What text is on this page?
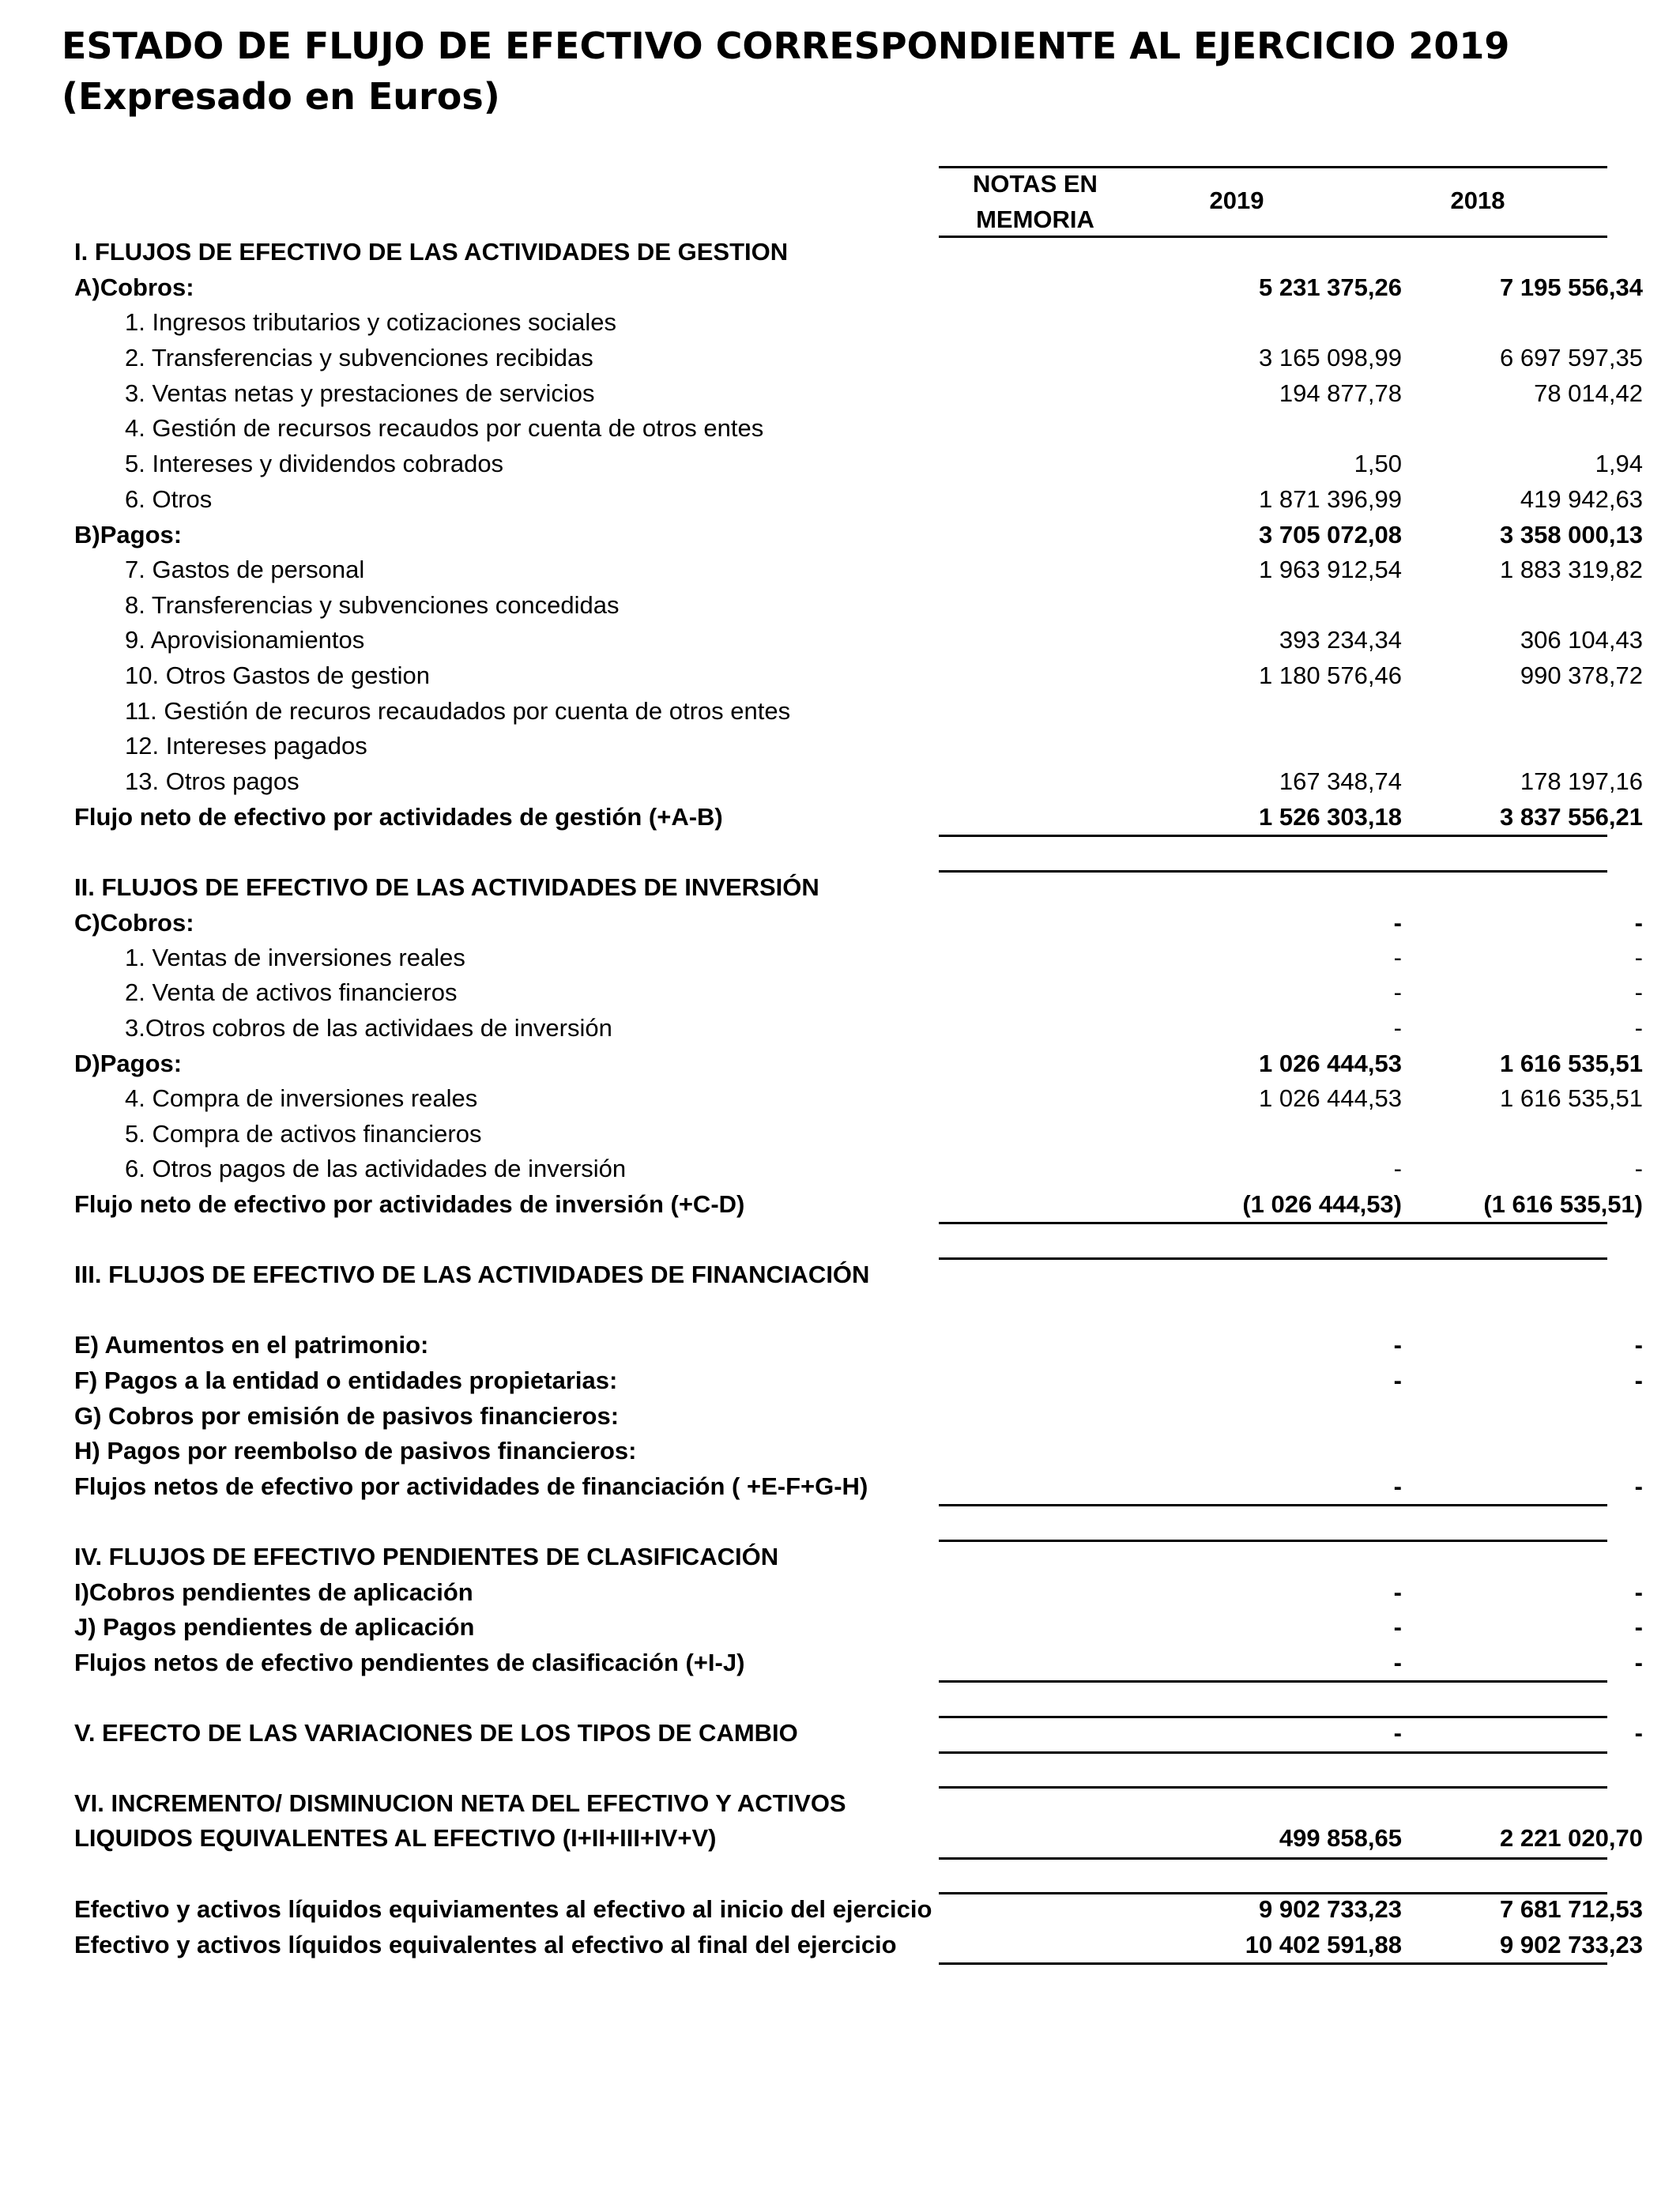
ESTADO DE FLUJO DE EFECTIVO CORRESPONDIENTE AL EJERCICIO 2019
(Expresado en Euros)
NOTAS EN
MEMORIA
2019	2018
I. FLUJOS DE EFECTIVO DE LAS ACTIVIDADES DE GESTION
A)Cobros:	5 231 375,26	7 195 556,34
1. Ingresos tributarios y cotizaciones sociales
2. Transferencias y subvenciones recibidas	3 165 098,99	6 697 597,35
3. Ventas netas y prestaciones de servicios	194 877,78	78 014,42
4. Gestión de recursos recaudos por cuenta de otros entes
5. Intereses y dividendos cobrados	1,50	1,94
6. Otros	1 871 396,99	419 942,63
B)Pagos:	3 705 072,08	3 358 000,13
7. Gastos de personal	1 963 912,54	1 883 319,82
8. Transferencias y subvenciones concedidas
9. Aprovisionamientos	393 234,34	306 104,43
10. Otros Gastos de gestion	1 180 576,46	990 378,72
11. Gestión de recuros recaudados por cuenta de otros entes
12. Intereses pagados
13. Otros pagos	167 348,74	178 197,16
Flujo neto de efectivo por actividades de gestión (+A-B)	1 526 303,18	3 837 556,21
II. FLUJOS DE EFECTIVO DE LAS ACTIVIDADES DE INVERSIÓN
C)Cobros:	-	-
1. Ventas de inversiones reales	-	-
2. Venta de activos financieros	-	-
3.Otros cobros de las actividaes de inversión	-	-
D)Pagos:	1 026 444,53	1 616 535,51
4. Compra de inversiones reales	1 026 444,53	1 616 535,51
5. Compra de activos financieros
6. Otros pagos de las actividades de inversión	-	-
Flujo neto de efectivo por actividades de inversión (+C-D)	(1 026 444,53)	(1 616 535,51)
III. FLUJOS DE EFECTIVO DE LAS ACTIVIDADES DE FINANCIACIÓN
E) Aumentos en el patrimonio:	-	-
F) Pagos a la entidad o entidades propietarias:	-	-
G) Cobros por emisión de pasivos financieros:
H) Pagos por reembolso de pasivos financieros:
Flujos netos de efectivo por actividades de financiación ( +E-F+G-H)	-	-
IV. FLUJOS DE EFECTIVO PENDIENTES DE CLASIFICACIÓN
I)Cobros pendientes de aplicación	-	-
J) Pagos pendientes de aplicación	-	-
Flujos netos de efectivo pendientes de clasificación (+I-J)	-	-
V. EFECTO DE LAS VARIACIONES DE LOS TIPOS DE CAMBIO	-	-
VI. INCREMENTO/ DISMINUCION NETA DEL EFECTIVO Y ACTIVOS
LIQUIDOS EQUIVALENTES AL EFECTIVO (I+II+III+IV+V)	499 858,65	2 221 020,70
Efectivo y activos líquidos equiviamentes al efectivo al inicio del ejercicio	9 902 733,23	7 681 712,53
Efectivo y activos líquidos equivalentes al efectivo al final del ejercicio	10 402 591,88	9 902 733,23
